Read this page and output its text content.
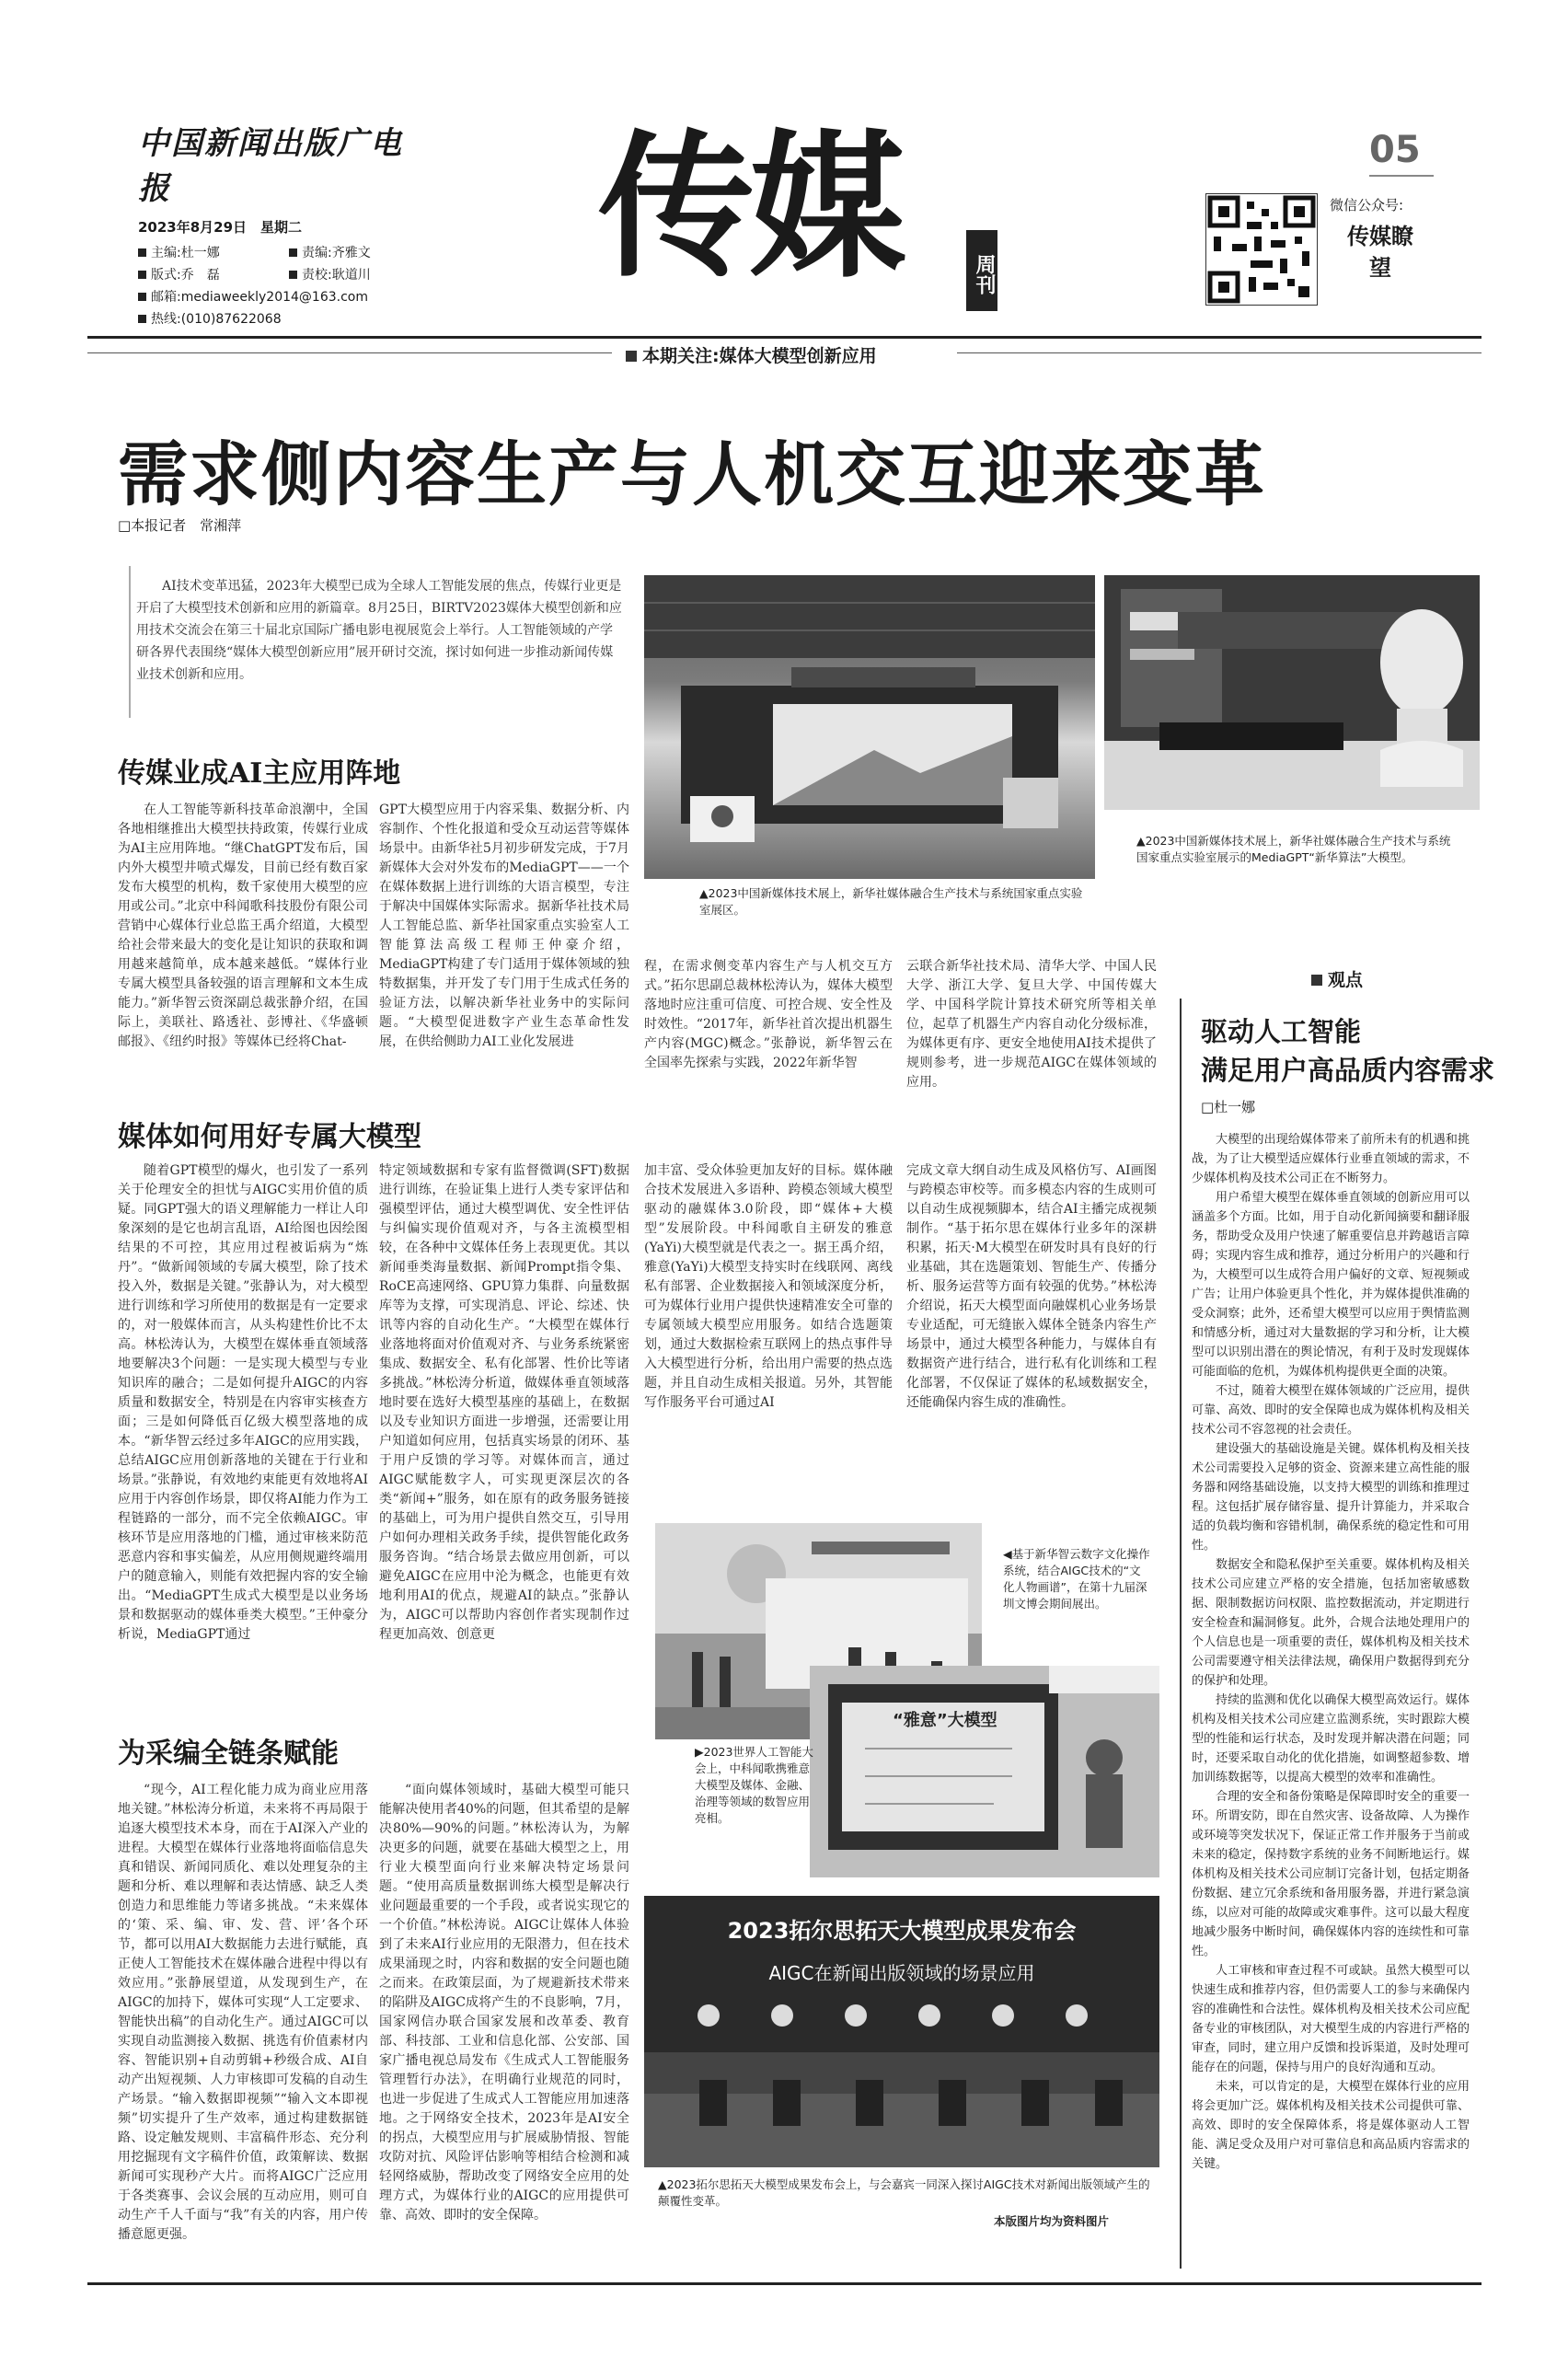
中国新闻出版广电报
2023年8月29日　星期二
主编:杜一娜	责编:齐雅文
版式:乔　磊	责校:耿道川
邮箱:mediaweekly2014@163.com
热线:(010)87622068
传媒	周刊
05
微信公众号:
传媒瞭望
本期关注:媒体大模型创新应用
需求侧内容生产与人机交互迎来变革
□本报记者　常湘萍
AI技术变革迅猛，2023年大模型已成为全球人工智能发展的焦点，传媒行业更是开启了大模型技术创新和应用的新篇章。8月25日，BIRTV2023媒体大模型创新和应用技术交流会在第三十届北京国际广播电影电视展览会上举行。人工智能领域的产学研各界代表围绕“媒体大模型创新应用”展开研讨交流，探讨如何进一步推动新闻传媒业技术创新和应用。
▲2023中国新媒体技术展上，新华社媒体融合生产技术与系统国家重点实验室展区。
▲2023中国新媒体技术展上，新华社媒体融合生产技术与系统国家重点实验室展示的MediaGPT“新华算法”大模型。
传媒业成AI主应用阵地

在人工智能等新科技革命浪潮中，全国各地相继推出大模型扶持政策，传媒行业成为AI主应用阵地。“继ChatGPT发布后，国内外大模型井喷式爆发，目前已经有数百家发布大模型的机构，数千家使用大模型的应用或公司。”北京中科闻歌科技股份有限公司营销中心媒体行业总监王禹介绍道，大模型给社会带来最大的变化是让知识的获取和调用越来越简单，成本越来越低。“媒体行业专属大模型具备较强的语言理解和文本生成能力。”新华智云资深副总裁张静介绍，在国际上，美联社、路透社、彭博社、《华盛顿邮报》、《纽约时报》等媒体已经将Chat-

GPT大模型应用于内容采集、数据分析、内容制作、个性化报道和受众互动运营等媒体场景中。由新华社5月初步研发完成，于7月新媒体大会对外发布的MediaGPT——一个在媒体数据上进行训练的大语言模型，专注于解决中国媒体实际需求。据新华社技术局人工智能总监、新华社国家重点实验室人工智能算法高级工程师王仲豪介绍，MediaGPT构建了专门适用于媒体领域的独特数据集，并开发了专门用于生成式任务的验证方法，以解决新华社业务中的实际问题。“大模型促进数字产业生态革命性发展，在供给侧助力AI工业化发展进

程，在需求侧变革内容生产与人机交互方式。”拓尔思副总裁林松涛认为，媒体大模型落地时应注重可信度、可控合规、安全性及时效性。“2017年，新华社首次提出机器生产内容(MGC)概念。”张静说，新华智云在全国率先探索与实践，2022年新华智

云联合新华社技术局、清华大学、中国人民大学、浙江大学、复旦大学、中国传媒大学、中国科学院计算技术研究所等相关单位，起草了机器生产内容自动化分级标准，为媒体更有序、更安全地使用AI技术提供了规则参考，进一步规范AIGC在媒体领域的应用。

媒体如何用好专属大模型

随着GPT模型的爆火，也引发了一系列关于伦理安全的担忧与AIGC实用价值的质疑。同GPT强大的语义理解能力一样让人印象深刻的是它也胡言乱语，AI给图也因绘图结果的不可控，其应用过程被诟病为“炼丹”。“做新闻领域的专属大模型，除了技术投入外，数据是关键。”张静认为，对大模型进行训练和学习所使用的数据是有一定要求的，对一般媒体而言，从头构建性价比不太高。林松涛认为，大模型在媒体垂直领域落地要解决3个问题：一是实现大模型与专业知识库的融合；二是如何提升AIGC的内容质量和数据安全，特别是在内容审实核查方面；三是如何降低百亿级大模型落地的成本。“新华智云经过多年AIGC的应用实践，总结AIGC应用创新落地的关键在于行业和场景。”张静说，有效地约束能更有效地将AI应用于内容创作场景，即仅将AI能力作为工程链路的一部分，而不完全依赖AIGC。审核环节是应用落地的门槛，通过审核来防范恶意内容和事实偏差，从应用侧规避终端用户的随意输入，则能有效把握内容的安全输出。“MediaGPT生成式大模型是以业务场景和数据驱动的媒体垂类大模型。”王仲豪分析说，MediaGPT通过

特定领域数据和专家有监督微调(SFT)数据进行训练，在验证集上进行人类专家评估和强模型评估，通过大模型调优、安全性评估与纠偏实现价值观对齐，与各主流模型相较，在各种中文媒体任务上表现更优。其以新闻垂类海量数据、新闻Prompt指令集、RoCE高速网络、GPU算力集群、向量数据库等为支撑，可实现消息、评论、综述、快讯等内容的自动化生产。“大模型在媒体行业落地将面对价值观对齐、与业务系统紧密集成、数据安全、私有化部署、性价比等诸多挑战。”林松涛分析道，做媒体垂直领域落地时要在选好大模型基座的基础上，在数据以及专业知识方面进一步增强，还需要让用户知道如何应用，包括真实场景的闭环、基于用户反馈的学习等。对媒体而言，通过AIGC赋能数字人，可实现更深层次的各类“新闻+”服务，如在原有的政务服务链接的基础上，可为用户提供自然交互，引导用户如何办理相关政务手续，提供智能化政务服务咨询。“结合场景去做应用创新，可以避免AIGC在应用中沦为概念，也能更有效地利用AI的优点，规避AI的缺点。”张静认为，AIGC可以帮助内容创作者实现制作过程更加高效、创意更

加丰富、受众体验更加友好的目标。媒体融合技术发展进入多语种、跨模态领域大模型驱动的融媒体3.0阶段，即“媒体+大模型”发展阶段。中科闻歌自主研发的雅意(YaYi)大模型就是代表之一。据王禹介绍，雅意(YaYi)大模型支持实时在线联网、离线私有部署、企业数据接入和领域深度分析，可为媒体行业用户提供快速精准安全可靠的专属领域大模型应用服务。如结合选题策划，通过大数据检索互联网上的热点事件导入大模型进行分析，给出用户需要的热点选题，并且自动生成相关报道。另外，其智能写作服务平台可通过AI

完成文章大纲自动生成及风格仿写、AI画图与跨模态审校等。而多模态内容的生成则可以自动生成视频脚本，结合AI主播完成视频制作。“基于拓尔思在媒体行业多年的深耕积累，拓天·M大模型在研发时具有良好的行业基础，其在选题策划、智能生产、传播分析、服务运营等方面有较强的优势。”林松涛介绍说，拓天大模型面向融媒机心业务场景专业适配，可无缝嵌入媒体全链条内容生产场景中，通过大模型各种能力，与媒体自有数据资产进行结合，进行私有化训练和工程化部署，不仅保证了媒体的私域数据安全，还能确保内容生成的准确性。

◀基于新华智云数字文化操作系统，结合AIGC技术的“文化人物画谱”，在第十九届深圳文博会期间展出。
“雅意”大模型
▶2023世界人工智能大会上，中科闻歌携雅意大模型及媒体、金融、治理等领域的数智应用亮相。
2023拓尔思拓天大模型成果发布会
AIGC在新闻出版领域的场景应用
▲2023拓尔思拓天大模型成果发布会上，与会嘉宾一同深入探讨AIGC技术对新闻出版领域产生的颠覆性变革。
本版图片均为资料图片
为采编全链条赋能

“现今，AI工程化能力成为商业应用落地关键。”林松涛分析道，未来将不再局限于追逐大模型技术本身，而在于AI深入产业的进程。大模型在媒体行业落地将面临信息失真和错误、新闻同质化、难以处理复杂的主题和分析、难以理解和表达情感、缺乏人类创造力和思维能力等诸多挑战。“未来媒体的‘策、采、编、审、发、营、评’各个环节，都可以用AI大数据能力去进行赋能，真正使人工智能技术在媒体融合进程中得以有效应用。”张静展望道，从发现到生产，在AIGC的加持下，媒体可实现“人工定要求、智能快出稿”的自动化生产。通过AIGC可以实现自动监测接入数据、挑选有价值素材内容、智能识别+自动剪辑+秒级合成、AI自动产出短视频、人力审核即可发稿的自动生产场景。“输入数据即视频”“输入文本即视频”切实提升了生产效率，通过构建数据链路、设定触发规则、丰富稿件形态、充分利用挖掘现有文字稿件价值，政策解读、数据新闻可实现秒产大片。而将AIGC广泛应用于各类赛事、会议会展的互动应用，则可自动生产千人千面与“我”有关的内容，用户传播意愿更强。

“面向媒体领域时，基础大模型可能只能解决使用者40%的问题，但其希望的是解决80%—90%的问题。”林松涛认为，为解决更多的问题，就要在基础大模型之上，用行业大模型面向行业来解决特定场景问题。“使用高质量数据训练大模型是解决行业问题最重要的一个手段，或者说实现它的一个价值。”林松涛说。AIGC让媒体人体验到了未来AI行业应用的无限潜力，但在技术成果涌现之时，内容和数据的安全问题也随之而来。在政策层面，为了规避新技术带来的陷阱及AIGC成将产生的不良影响，7月，国家网信办联合国家发展和改革委、教育部、科技部、工业和信息化部、公安部、国家广播电视总局发布《生成式人工智能服务管理暂行办法》，在明确行业规范的同时，也进一步促进了生成式人工智能应用加速落地。之于网络安全技术，2023年是AI安全的拐点，大模型应用与扩展威胁情报、智能攻防对抗、风险评估影响等相结合检测和减轻网络威胁，帮助改变了网络安全应用的处理方式，为媒体行业的AIGC的应用提供可靠、高效、即时的安全保障。

观点
驱动人工智能
满足用户高品质内容需求
□杜一娜

大模型的出现给媒体带来了前所未有的机遇和挑战，为了让大模型适应媒体行业垂直领域的需求，不少媒体机构及技术公司正在不断努力。

用户希望大模型在媒体垂直领域的创新应用可以涵盖多个方面。比如，用于自动化新闻摘要和翻译服务，帮助受众及用户快速了解重要信息并跨越语言障碍；实现内容生成和推荐，通过分析用户的兴趣和行为，大模型可以生成符合用户偏好的文章、短视频或广告；让用户体验更具个性化，并为媒体提供准确的受众洞察；此外，还希望大模型可以应用于舆情监测和情感分析，通过对大量数据的学习和分析，让大模型可以识别出潜在的舆论情况，有利于及时发现媒体可能面临的危机，为媒体机构提供更全面的决策。

不过，随着大模型在媒体领域的广泛应用，提供可靠、高效、即时的安全保障也成为媒体机构及相关技术公司不容忽视的社会责任。

建设强大的基础设施是关键。媒体机构及相关技术公司需要投入足够的资金、资源来建立高性能的服务器和网络基础设施，以支持大模型的训练和推理过程。这包括扩展存储容量、提升计算能力，并采取合适的负载均衡和容错机制，确保系统的稳定性和可用性。

数据安全和隐私保护至关重要。媒体机构及相关技术公司应建立严格的安全措施，包括加密敏感数据、限制数据访问权限、监控数据流动，并定期进行安全检查和漏洞修复。此外，合规合法地处理用户的个人信息也是一项重要的责任，媒体机构及相关技术公司需要遵守相关法律法规，确保用户数据得到充分的保护和处理。

持续的监测和优化以确保大模型高效运行。媒体机构及相关技术公司应建立监测系统，实时跟踪大模型的性能和运行状态，及时发现并解决潜在问题；同时，还要采取自动化的优化措施，如调整超参数、增加训练数据等，以提高大模型的效率和准确性。

合理的安全和备份策略是保障即时安全的重要一环。所谓安防，即在自然灾害、设备故障、人为操作或环境等突发状况下，保证正常工作并服务于当前或未来的稳定，保持数字系统的业务不间断地运行。媒体机构及相关技术公司应制订完备计划，包括定期备份数据、建立冗余系统和备用服务器，并进行紧急演练，以应对可能的故障或灾难事件。这可以最大程度地减少服务中断时间，确保媒体内容的连续性和可靠性。

人工审核和审查过程不可或缺。虽然大模型可以快速生成和推荐内容，但仍需要人工的参与来确保内容的准确性和合法性。媒体机构及相关技术公司应配备专业的审核团队，对大模型生成的内容进行严格的审查，同时，建立用户反馈和投诉渠道，及时处理可能存在的问题，保持与用户的良好沟通和互动。

未来，可以肯定的是，大模型在媒体行业的应用将会更加广泛。媒体机构及相关技术公司提供可靠、高效、即时的安全保障体系，将是媒体驱动人工智能、满足受众及用户对可靠信息和高品质内容需求的关键。
